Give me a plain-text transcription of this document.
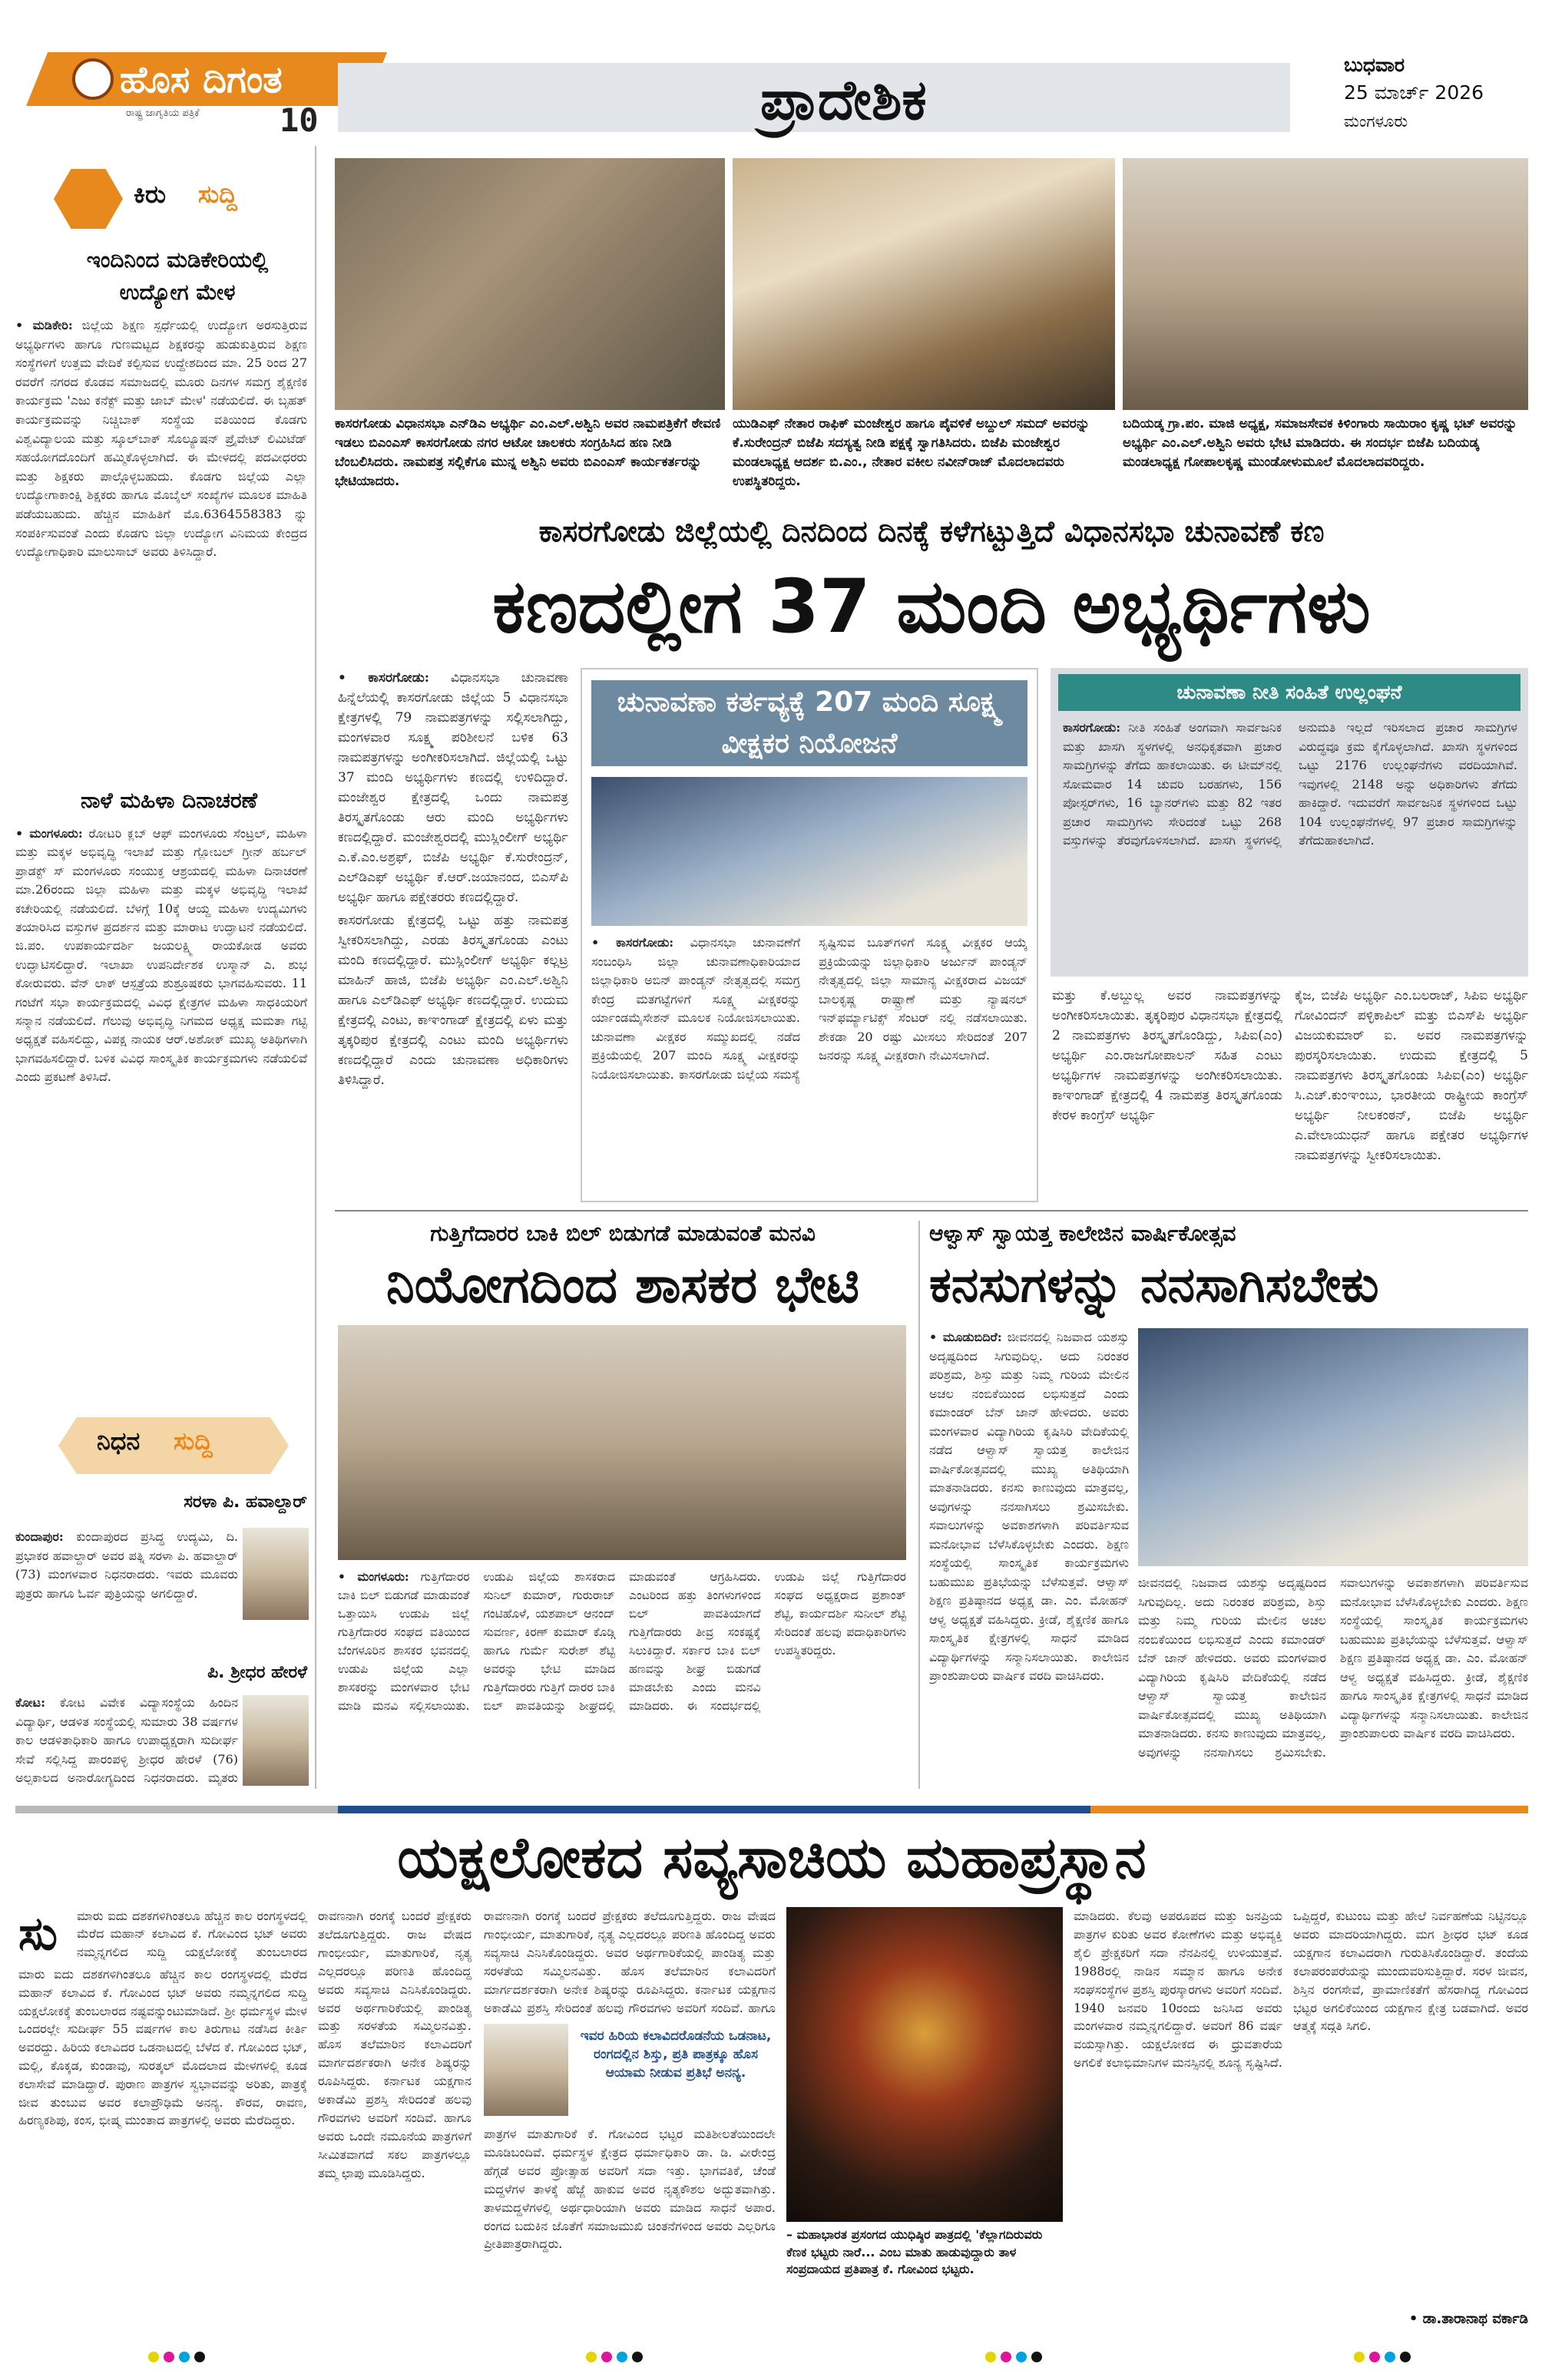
ಹೊಸ ದಿಗಂತ
ರಾಷ್ಟ್ರ ಜಾಗೃತಿಯ ಪತ್ರಿಕೆ	10	ಪ್ರಾದೇಶಿಕ
ಬುಧವಾರ
25 ಮಾರ್ಚ್ 2026
ಮಂಗಳೂರು
ಕಿರು	ಸುದ್ದಿ
ಇಂದಿನಿಂದ ಮಡಿಕೇರಿಯಲ್ಲಿ ಉದ್ಯೋಗ ಮೇಳ
• ಮಡಿಕೇರಿ: ಜಿಲ್ಲೆಯ ಶಿಕ್ಷಣ ಸ್ಪರ್ಧೆಯಲ್ಲಿ ಉದ್ಯೋಗ ಅರಸುತ್ತಿರುವ ಅಭ್ಯರ್ಥಿಗಳು ಹಾಗೂ ಗುಣಮಟ್ಟದ ಶಿಕ್ಷಕರನ್ನು ಹುಡುಕುತ್ತಿರುವ ಶಿಕ್ಷಣ ಸಂಸ್ಥೆಗಳಿಗೆ ಉತ್ತಮ ವೇದಿಕೆ ಕಲ್ಪಿಸುವ ಉದ್ದೇಶದಿಂದ ಮಾ. 25 ರಿಂದ 27 ರವರೆಗೆ ನಗರದ ಕೊಡವ ಸಮಾಜದಲ್ಲಿ ಮೂರು ದಿನಗಳ ಸಮಗ್ರ ಶೈಕ್ಷಣಿಕ ಕಾರ್ಯಕ್ರಮ 'ಎಜು ಕನೆಕ್ಟ್ ಮತ್ತು ಜಾಬ್ ಮೇಳ' ನಡೆಯಲಿದೆ. ಈ ಬೃಹತ್ ಕಾರ್ಯಕ್ರಮವನ್ನು ನಿಚ್ಚಿಬಾಕ್ ಸಂಸ್ಥೆಯ ವತಿಯಿಂದ ಕೊಡಗು ವಿಶ್ವವಿದ್ಯಾಲಯ ಮತ್ತು ಸ್ಕೂಲ್‌ಬಾಕ್ ಸೊಲ್ಯೂಷನ್ ಪ್ರೈವೇಟ್ ಲಿಮಿಟೆಡ್ ಸಹಯೋಗದೊಂದಿಗೆ ಹಮ್ಮಿಕೊಳ್ಳಲಾಗಿದೆ. ಈ ಮೇಳದಲ್ಲಿ ಪದವೀಧರರು ಮತ್ತು ಶಿಕ್ಷಕರು ಪಾಲ್ಗೊಳ್ಳಬಹುದು. ಕೊಡಗು ಜಿಲ್ಲೆಯ ಎಲ್ಲಾ ಉದ್ಯೋಗಾಕಾಂಕ್ಷಿ ಶಿಕ್ಷಕರು ಹಾಗೂ ಮೊಬೈಲ್ ಸಂಖ್ಯೆಗಳ ಮೂಲಕ ಮಾಹಿತಿ ಪಡೆಯಬಹುದು. ಹೆಚ್ಚಿನ ಮಾಹಿತಿಗೆ ಮೊ.6364558383 ನ್ನು ಸಂಪರ್ಕಿಸುವಂತೆ ಎಂದು ಕೊಡಗು ಜಿಲ್ಲಾ ಉದ್ಯೋಗ ವಿನಿಮಯ ಕೇಂದ್ರದ ಉದ್ಯೋಗಾಧಿಕಾರಿ ಮಾಲುಸಾಬ್ ಅವರು ತಿಳಿಸಿದ್ದಾರೆ.
ನಾಳೆ ಮಹಿಳಾ ದಿನಾಚರಣೆ
• ಮಂಗಳೂರು: ರೋಟರಿ ಕ್ಲಬ್ ಆಫ್ ಮಂಗಳೂರು ಸೆಂಟ್ರಲ್, ಮಹಿಳಾ ಮತ್ತು ಮಕ್ಕಳ ಅಭಿವೃದ್ಧಿ ಇಲಾಖೆ ಮತ್ತು ಗ್ಲೋಬಲ್ ಗ್ರೀನ್ ಹರ್ಬಲ್ ಪ್ರಾಡಕ್ಟ್ ಸ್ ಮಂಗಳೂರು ಸಂಯುಕ್ತ ಆಶ್ರಯದಲ್ಲಿ ಮಹಿಳಾ ದಿನಾಚರಣೆ ಮಾ.26ರಂದು ಜಿಲ್ಲಾ ಮಹಿಳಾ ಮತ್ತು ಮಕ್ಕಳ ಅಭಿವೃದ್ಧಿ ಇಲಾಖೆ ಕಚೇರಿಯಲ್ಲಿ ನಡೆಯಲಿದೆ. ಬೆಳಗ್ಗೆ 10ಕ್ಕೆ ಆಯ್ದ ಮಹಿಳಾ ಉದ್ಯಮಿಗಳು ತಯಾರಿಸಿದ ವಸ್ತುಗಳ ಪ್ರದರ್ಶನ ಮತ್ತು ಮಾರಾಟ ಉದ್ಘಾಟನೆ ನಡೆಯಲಿದೆ. ಜಿ.ಪಂ. ಉಪಕಾರ್ಯದರ್ಶಿ ಜಯಲಕ್ಷ್ಮಿ ರಾಯಕೋಡ ಅವರು ಉದ್ಘಾಟಿಸಲಿದ್ದಾರೆ. ಇಲಾಖಾ ಉಪನಿರ್ದೇಶಕ ಉಸ್ಮಾನ್ ಎ. ಶುಭ ಕೋರುವರು. ವೆನ್ ಲಾಕ್ ಆಸ್ಪತ್ರೆಯ ಶುಶ್ರೂಷಕರು ಭಾಗವಹಿಸುವರು. 11 ಗಂಟೆಗೆ ಸಭಾ ಕಾರ್ಯಕ್ರಮದಲ್ಲಿ ವಿವಿಧ ಕ್ಷೇತ್ರಗಳ ಮಹಿಳಾ ಸಾಧಕಿಯರಿಗೆ ಸನ್ಮಾನ ನಡೆಯಲಿದೆ. ಗೆಲುವು ಅಭಿವೃದ್ಧಿ ನಿಗಮದ ಅಧ್ಯಕ್ಷ ಮಮತಾ ಗಟ್ಟಿ ಅಧ್ಯಕ್ಷತೆ ವಹಿಸಲಿದ್ದು, ವಿಪಕ್ಷ ನಾಯಕ ಆರ್.ಅಶೋಕ್ ಮುಖ್ಯ ಅತಿಥಿಗಳಾಗಿ ಭಾಗವಹಿಸಲಿದ್ದಾರೆ. ಬಳಿಕ ವಿವಿಧ ಸಾಂಸ್ಕೃತಿಕ ಕಾರ್ಯಕ್ರಮಗಳು ನಡೆಯಲಿವೆ ಎಂದು ಪ್ರಕಟಣೆ ತಿಳಿಸಿದೆ.
ನಿಧನ	ಸುದ್ದಿ
ಸರಳಾ ಪಿ. ಹವಾಲ್ದಾರ್
ಕುಂದಾಪುರ: ಕುಂದಾಪುರದ ಪ್ರಸಿದ್ಧ ಉದ್ಯಮಿ, ದಿ. ಪ್ರಭಾಕರ ಹವಾಲ್ದಾರ್ ಅವರ ಪತ್ನಿ ಸರಳಾ ಪಿ. ಹವಾಲ್ದಾರ್ (73) ಮಂಗಳವಾರ ನಿಧನರಾದರು. ಇವರು ಮೂವರು ಪುತ್ರರು ಹಾಗೂ ಓರ್ವ ಪುತ್ರಿಯನ್ನು ಅಗಲಿದ್ದಾರೆ.
ಪಿ. ಶ್ರೀಧರ ಹೇರಳೆ
ಕೋಟ: ಕೋಟ ವಿವೇಕ ವಿದ್ಯಾಸಂಸ್ಥೆಯ ಹಿಂದಿನ ವಿದ್ಯಾರ್ಥಿ, ಆಡಳಿತ ಸಂಸ್ಥೆಯಲ್ಲಿ ಸುಮಾರು 38 ವರ್ಷಗಳ ಕಾಲ ಆಡಳಿತಾಧಿಕಾರಿ ಹಾಗೂ ಉಪಾಧ್ಯಕ್ಷರಾಗಿ ಸುದೀರ್ಘ ಸೇವೆ ಸಲ್ಲಿಸಿದ್ದ ಪಾರಂಪಳ್ಳಿ ಶ್ರೀಧರ ಹೇರಳೆ (76) ಅಲ್ಪಕಾಲದ ಅನಾರೋಗ್ಯದಿಂದ ನಿಧನರಾದರು. ಮೃತರು
ಕಾಸರಗೋಡು ವಿಧಾನಸಭಾ ಎನ್‌ಡಿಎ ಅಭ್ಯರ್ಥಿ ಎಂ.ಎಲ್.ಅಶ್ವಿನಿ ಅವರ ನಾಮಪತ್ರಿಕೆಗೆ ಠೇವಣಿ ಇಡಲು ಬಿಎಂಎಸ್ ಕಾಸರಗೋಡು ನಗರ ಆಟೋ ಚಾಲಕರು ಸಂಗ್ರಹಿಸಿದ ಹಣ ನೀಡಿ ಬೆಂಬಲಿಸಿದರು. ನಾಮಪತ್ರ ಸಲ್ಲಿಕೆಗೂ ಮುನ್ನ ಅಶ್ವಿನಿ ಅವರು ಬಿಎಂಎಸ್ ಕಾರ್ಯಕರ್ತರನ್ನು ಭೇಟಿಯಾದರು.
ಯುಡಿಎಫ್ ನೇತಾರ ರಾಫಿಕ್ ಮಂಜೇಶ್ವರ ಹಾಗೂ ಪೈವಳಿಕೆ ಅಬ್ದುಲ್ ಸಮದ್ ಅವರನ್ನು ಕೆ.ಸುರೇಂದ್ರನ್ ಬಿಜೆಪಿ ಸದಸ್ಯತ್ವ ನೀಡಿ ಪಕ್ಷಕ್ಕೆ ಸ್ವಾಗತಿಸಿದರು. ಬಿಜೆಪಿ ಮಂಜೇಶ್ವರ ಮಂಡಲಾಧ್ಯಕ್ಷ ಆದರ್ಶ ಬಿ.ಎಂ., ನೇತಾರ ವಕೀಲ ನವೀನ್‌ರಾಜ್ ಮೊದಲಾದವರು ಉಪಸ್ಥಿತರಿದ್ದರು.
ಬದಿಯಡ್ಕ ಗ್ರಾ.ಪಂ. ಮಾಜಿ ಅಧ್ಯಕ್ಷ, ಸಮಾಜಸೇವಕ ಕಿಳಿಂಗಾರು ಸಾಯಿರಾಂ ಕೃಷ್ಣ ಭಟ್ ಅವರನ್ನು ಅಭ್ಯರ್ಥಿ ಎಂ.ಎಲ್.ಅಶ್ವಿನಿ ಅವರು ಭೇಟಿ ಮಾಡಿದರು. ಈ ಸಂದರ್ಭ ಬಿಜೆಪಿ ಬದಿಯಡ್ಕ ಮಂಡಲಾಧ್ಯಕ್ಷ ಗೋಪಾಲಕೃಷ್ಣ ಮುಂಡೋಳುಮೂಲೆ ಮೊದಲಾದವರಿದ್ದರು.
ಕಾಸರಗೋಡು ಜಿಲ್ಲೆಯಲ್ಲಿ ದಿನದಿಂದ ದಿನಕ್ಕೆ ಕಳೆಗಟ್ಟುತ್ತಿದೆ ವಿಧಾನಸಭಾ ಚುನಾವಣೆ ಕಣ
ಕಣದಲ್ಲೀಗ 37 ಮಂದಿ ಅಭ್ಯರ್ಥಿಗಳು
• ಕಾಸರಗೋಡು: ವಿಧಾನಸಭಾ ಚುನಾವಣಾ ಹಿನ್ನೆಲೆಯಲ್ಲಿ ಕಾಸರಗೋಡು ಜಿಲ್ಲೆಯ 5 ವಿಧಾನಸಭಾ ಕ್ಷೇತ್ರಗಳಲ್ಲಿ 79 ನಾಮಪತ್ರಗಳನ್ನು ಸಲ್ಲಿಸಲಾಗಿದ್ದು, ಮಂಗಳವಾರ ಸೂಕ್ಷ್ಮ ಪರಿಶೀಲನೆ ಬಳಿಕ 63 ನಾಮಪತ್ರಗಳನ್ನು ಅಂಗೀಕರಿಸಲಾಗಿದೆ. ಜಿಲ್ಲೆಯಲ್ಲಿ ಒಟ್ಟು 37 ಮಂದಿ ಅಭ್ಯರ್ಥಿಗಳು ಕಣದಲ್ಲಿ ಉಳಿದಿದ್ದಾರೆ. ಮಂಜೇಶ್ವರ ಕ್ಷೇತ್ರದಲ್ಲಿ ಒಂದು ನಾಮಪತ್ರ ತಿರಸ್ಕೃತಗೊಂಡು ಆರು ಮಂದಿ ಅಭ್ಯರ್ಥಿಗಳು ಕಣದಲ್ಲಿದ್ದಾರೆ. ಮಂಜೇಶ್ವರದಲ್ಲಿ ಮುಸ್ಲಿಂಲೀಗ್ ಅಭ್ಯರ್ಥಿ ಎ.ಕೆ.ಎಂ.ಅಶ್ರಫ್, ಬಿಜೆಪಿ ಅಭ್ಯರ್ಥಿ ಕೆ.ಸುರೇಂದ್ರನ್, ಎಲ್‌ಡಿಎಫ್ ಅಭ್ಯರ್ಥಿ ಕೆ.ಆರ್.ಜಯಾನಂದ, ಬಿಎಸ್‌ಪಿ ಅಭ್ಯರ್ಥಿ ಹಾಗೂ ಪಕ್ಷೇತರರು ಕಣದಲ್ಲಿದ್ದಾರೆ.
ಕಾಸರಗೋಡು ಕ್ಷೇತ್ರದಲ್ಲಿ ಒಟ್ಟು ಹತ್ತು ನಾಮಪತ್ರ ಸ್ವೀಕರಿಸಲಾಗಿದ್ದು, ಎರಡು ತಿರಸ್ಕೃತಗೊಂಡು ಎಂಟು ಮಂದಿ ಕಣದಲ್ಲಿದ್ದಾರೆ. ಮುಸ್ಲಿಂಲೀಗ್ ಅಭ್ಯರ್ಥಿ ಕಲ್ಲಟ್ರ ಮಾಹಿನ್ ಹಾಜಿ, ಬಿಜೆಪಿ ಅಭ್ಯರ್ಥಿ ಎಂ.ಎಲ್.ಅಶ್ವಿನಿ ಹಾಗೂ ಎಲ್‌ಡಿಎಫ್ ಅಭ್ಯರ್ಥಿ ಕಣದಲ್ಲಿದ್ದಾರೆ. ಉದುಮ ಕ್ಷೇತ್ರದಲ್ಲಿ ಎಂಟು, ಕಾಞಂಗಾಡ್ ಕ್ಷೇತ್ರದಲ್ಲಿ ಏಳು ಮತ್ತು ತೃಕ್ಕರಿಪುರ ಕ್ಷೇತ್ರದಲ್ಲಿ ಎಂಟು ಮಂದಿ ಅಭ್ಯರ್ಥಿಗಳು ಕಣದಲ್ಲಿದ್ದಾರೆ ಎಂದು ಚುನಾವಣಾ ಅಧಿಕಾರಿಗಳು ತಿಳಿಸಿದ್ದಾರೆ.
ಚುನಾವಣಾ ಕರ್ತವ್ಯಕ್ಕೆ 207 ಮಂದಿ ಸೂಕ್ಷ್ಮ ವೀಕ್ಷಕರ ನಿಯೋಜನೆ
• ಕಾಸರಗೋಡು: ವಿಧಾನಸಭಾ ಚುನಾವಣೆಗೆ ಸಂಬಂಧಿಸಿ ಜಿಲ್ಲಾ ಚುನಾವಣಾಧಿಕಾರಿಯಾದ ಜಿಲ್ಲಾಧಿಕಾರಿ ಅಬಿನ್ ಪಾಂಡ್ಯನ್ ನೇತೃತ್ವದಲ್ಲಿ ಸಮಗ್ರ ಕೇಂದ್ರ ಮತಗಟ್ಟೆಗಳಿಗೆ ಸೂಕ್ಷ್ಮ ವೀಕ್ಷಕರನ್ನು ರ್ಯಾಂಡಮೈಸೇಶನ್ ಮೂಲಕ ನಿಯೋಜಿಸಲಾಯಿತು. ಚುನಾವಣಾ ವೀಕ್ಷಕರ ಸಮ್ಮುಖದಲ್ಲಿ ನಡೆದ ಪ್ರಕ್ರಿಯೆಯಲ್ಲಿ 207 ಮಂದಿ ಸೂಕ್ಷ್ಮ ವೀಕ್ಷಕರನ್ನು ನಿಯೋಜಿಸಲಾಯಿತು. ಕಾಸರಗೋಡು ಜಿಲ್ಲೆಯ ಸಮಸ್ಯೆ ಸೃಷ್ಟಿಸುವ ಬೂತ್‌ಗಳಿಗೆ ಸೂಕ್ಷ್ಮ ವೀಕ್ಷಕರ ಆಯ್ಕೆ ಪ್ರಕ್ರಿಯೆಯನ್ನು ಜಿಲ್ಲಾಧಿಕಾರಿ ಅರ್ಜುನ್ ಪಾಂಡ್ಯನ್ ನೇತೃತ್ವದಲ್ಲಿ ಜಿಲ್ಲಾ ಸಾಮಾನ್ಯ ವೀಕ್ಷಕರಾದ ವಿಜಯ್ ಬಾಲಕೃಷ್ಣ ರಾಷ್ಟ್ರಾಣೆ ಮತ್ತು ನ್ಯಾಷನಲ್ ಇನ್‌ಫರ್ಮ್ಯಾಟಿಕ್ಸ್ ಸೆಂಟರ್ ನಲ್ಲಿ ನಡೆಸಲಾಯಿತು. ಶೇಕಡಾ 20 ರಷ್ಟು ಮೀಸಲು ಸೇರಿದಂತೆ 207 ಜನರನ್ನು ಸೂಕ್ಷ್ಮ ವೀಕ್ಷಕರಾಗಿ ನೇಮಿಸಲಾಗಿದೆ.
ಚುನಾವಣಾ ನೀತಿ ಸಂಹಿತೆ ಉಲ್ಲಂಘನೆ
ಕಾಸರಗೋಡು: ನೀತಿ ಸಂಹಿತೆ ಅಂಗವಾಗಿ ಸಾರ್ವಜನಿಕ ಮತ್ತು ಖಾಸಗಿ ಸ್ಥಳಗಳಲ್ಲಿ ಅನಧಿಕೃತವಾಗಿ ಪ್ರಚಾರ ಸಾಮಗ್ರಿಗಳನ್ನು ತೆಗೆದು ಹಾಕಲಾಯಿತು. ಈ ಟೀಮ್‌ನಲ್ಲಿ ಸೋಮವಾರ 14 ಚುವರಿ ಬರಹಗಳು, 156 ಪೋಸ್ಟರ್‌ಗಳು, 16 ಬ್ಯಾನರ್‌ಗಳು ಮತ್ತು 82 ಇತರ ಪ್ರಚಾರ ಸಾಮಗ್ರಿಗಳು ಸೇರಿದಂತೆ ಒಟ್ಟು 268 ವಸ್ತುಗಳನ್ನು ತೆರವುಗೊಳಿಸಲಾಗಿದೆ. ಖಾಸಗಿ ಸ್ಥಳಗಳಲ್ಲಿ ಅನುಮತಿ ಇಲ್ಲದೆ ಇರಿಸಲಾದ ಪ್ರಚಾರ ಸಾಮಗ್ರಿಗಳ ವಿರುದ್ಧವೂ ಕ್ರಮ ಕೈಗೊಳ್ಳಲಾಗಿದೆ. ಖಾಸಗಿ ಸ್ಥಳಗಳಿಂದ ಒಟ್ಟು 2176 ಉಲ್ಲಂಘನೆಗಳು ವರದಿಯಾಗಿವೆ. ಇವುಗಳಲ್ಲಿ 2148 ಅನ್ನು ಅಧಿಕಾರಿಗಳು ತೆಗೆದು ಹಾಕಿದ್ದಾರೆ. ಇದುವರೆಗೆ ಸಾರ್ವಜನಿಕ ಸ್ಥಳಗಳಿಂದ ಒಟ್ಟು 104 ಉಲ್ಲಂಘನೆಗಳಲ್ಲಿ 97 ಪ್ರಚಾರ ಸಾಮಗ್ರಿಗಳನ್ನು ತೆಗೆದುಹಾಕಲಾಗಿದೆ.
ಮತ್ತು ಕೆ.ಅಬ್ದುಲ್ಲ ಅವರ ನಾಮಪತ್ರಗಳನ್ನು ಅಂಗೀಕರಿಸಲಾಯಿತು. ತೃಕ್ಕರಿಪುರ ವಿಧಾನಸಭಾ ಕ್ಷೇತ್ರದಲ್ಲಿ 2 ನಾಮಪತ್ರಗಳು ತಿರಸ್ಕೃತಗೊಂಡಿದ್ದು, ಸಿಪಿಐ(ಎಂ) ಅಭ್ಯರ್ಥಿ ಎಂ.ರಾಜಗೋಪಾಲನ್ ಸಹಿತ ಎಂಟು ಅಭ್ಯರ್ಥಿಗಳ ನಾಮಪತ್ರಗಳನ್ನು ಅಂಗೀಕರಿಸಲಾಯಿತು. ಕಾಞಂಗಾಡ್ ಕ್ಷೇತ್ರದಲ್ಲಿ 4 ನಾಮಪತ್ರ ತಿರಸ್ಕೃತಗೊಂಡು ಕೇರಳ ಕಾಂಗ್ರೆಸ್ ಅಭ್ಯರ್ಥಿ
ಕೈಜ, ಬಿಜೆಪಿ ಅಭ್ಯರ್ಥಿ ಎಂ.ಬಲರಾಜ್, ಸಿಪಿಐ ಅಭ್ಯರ್ಥಿ ಗೋವಿಂದನ್ ಪಳ್ಳಿಕಾಪಿಲ್ ಮತ್ತು ಬಿಎಸ್‌ಪಿ ಅಭ್ಯರ್ಥಿ ವಿಜಯಕುಮಾರ್ ಐ. ಅವರ ನಾಮಪತ್ರಗಳನ್ನು ಪುರಸ್ಕರಿಸಲಾಯಿತು. ಉದುಮ ಕ್ಷೇತ್ರದಲ್ಲಿ 5 ನಾಮಪತ್ರಗಳು ತಿರಸ್ಕೃತಗೊಂಡು ಸಿಪಿಐ(ಎಂ) ಅಭ್ಯರ್ಥಿ ಸಿ.ಎಚ್.ಕುಂಞಂಬು, ಭಾರತೀಯ ರಾಷ್ಟ್ರೀಯ ಕಾಂಗ್ರೆಸ್ ಅಭ್ಯರ್ಥಿ ನೀಲಕಂಠನ್, ಬಿಜೆಪಿ ಅಭ್ಯರ್ಥಿ ಎ.ವೇಲಾಯುಧನ್ ಹಾಗೂ ಪಕ್ಷೇತರ ಅಭ್ಯರ್ಥಿಗಳ ನಾಮಪತ್ರಗಳನ್ನು ಸ್ವೀಕರಿಸಲಾಯಿತು.
ಗುತ್ತಿಗೆದಾರರ ಬಾಕಿ ಬಿಲ್ ಬಿಡುಗಡೆ ಮಾಡುವಂತೆ ಮನವಿ
ನಿಯೋಗದಿಂದ ಶಾಸಕರ ಭೇಟಿ
• ಮಂಗಳೂರು: ಗುತ್ತಿಗೆದಾರರ ಬಾಕಿ ಬಿಲ್ ಬಿಡುಗಡೆ ಮಾಡುವಂತೆ ಒತ್ತಾಯಿಸಿ ಉಡುಪಿ ಜಿಲ್ಲೆ ಗುತ್ತಿಗೆದಾರರ ಸಂಘದ ವತಿಯಿಂದ ಬೆಂಗಳೂರಿನ ಶಾಸಕರ ಭವನದಲ್ಲಿ ಉಡುಪಿ ಜಿಲ್ಲೆಯ ಎಲ್ಲಾ ಶಾಸಕರನ್ನು ಮಂಗಳವಾರ ಭೇಟಿ ಮಾಡಿ ಮನವಿ ಸಲ್ಲಿಸಲಾಯಿತು. ಉಡುಪಿ ಜಿಲ್ಲೆಯ ಶಾಸಕರಾದ ಸುನಿಲ್ ಕುಮಾರ್, ಗುರುರಾಜ್ ಗಂಟಿಹೊಳೆ, ಯಶಪಾಲ್ ಆನಂದ್ ಸುವರ್ಣ, ಕಿರಣ್ ಕುಮಾರ್ ಕೊಡ್ಗಿ ಹಾಗೂ ಗುರ್ಮೆ ಸುರೇಶ್ ಶೆಟ್ಟಿ ಅವರನ್ನು ಭೇಟಿ ಮಾಡಿದ ಗುತ್ತಿಗೆದಾರರು ಗುತ್ತಿಗೆ ದಾರರ ಬಾಕಿ ಬಿಲ್ ಪಾವತಿಯನ್ನು ಶೀಘ್ರದಲ್ಲಿ ಮಾಡುವಂತೆ ಆಗ್ರಹಿಸಿದರು. ಎಂಟರಿಂದ ಹತ್ತು ತಿಂಗಳುಗಳಿಂದ ಬಿಲ್ ಪಾವತಿಯಾಗದೆ ಗುತ್ತಿಗೆದಾರರು ತೀವ್ರ ಸಂಕಷ್ಟಕ್ಕೆ ಸಿಲುಕಿದ್ದಾರೆ. ಸರ್ಕಾರ ಬಾಕಿ ಬಿಲ್ ಹಣವನ್ನು ಶೀಘ್ರ ಬಿಡುಗಡೆ ಮಾಡಬೇಕು ಎಂದು ಮನವಿ ಮಾಡಿದರು. ಈ ಸಂದರ್ಭದಲ್ಲಿ ಉಡುಪಿ ಜಿಲ್ಲೆ ಗುತ್ತಿಗೆದಾರರ ಸಂಘದ ಅಧ್ಯಕ್ಷರಾದ ಪ್ರಶಾಂತ್ ಶೆಟ್ಟಿ, ಕಾರ್ಯದರ್ಶಿ ಸುನೀಲ್ ಶೆಟ್ಟಿ ಸೇರಿದಂತೆ ಹಲವು ಪದಾಧಿಕಾರಿಗಳು ಉಪಸ್ಥಿತರಿದ್ದರು.
ಆಳ್ವಾಸ್ ಸ್ವಾಯತ್ತ ಕಾಲೇಜಿನ ವಾರ್ಷಿಕೋತ್ಸವ
ಕನಸುಗಳನ್ನು ನನಸಾಗಿಸಬೇಕು
• ಮೂಡುಬಿದಿರೆ: ಜೀವನದಲ್ಲಿ ನಿಜವಾದ ಯಶಸ್ಸು ಅದೃಷ್ಟದಿಂದ ಸಿಗುವುದಿಲ್ಲ. ಅದು ನಿರಂತರ ಪರಿಶ್ರಮ, ಶಿಸ್ತು ಮತ್ತು ನಿಮ್ಮ ಗುರಿಯ ಮೇಲಿನ ಅಚಲ ನಂಬಿಕೆಯಿಂದ ಲಭಿಸುತ್ತದೆ ಎಂದು ಕಮಾಂಡರ್ ಬೆನ್ ಜಾನ್ ಹೇಳಿದರು. ಅವರು ಮಂಗಳವಾರ ವಿದ್ಯಾಗಿರಿಯ ಕೃಷಿಸಿರಿ ವೇದಿಕೆಯಲ್ಲಿ ನಡೆದ ಆಳ್ವಾಸ್ ಸ್ವಾಯತ್ತ ಕಾಲೇಜಿನ ವಾರ್ಷಿಕೋತ್ಸವದಲ್ಲಿ ಮುಖ್ಯ ಅತಿಥಿಯಾಗಿ ಮಾತನಾಡಿದರು. ಕನಸು ಕಾಣುವುದು ಮಾತ್ರವಲ್ಲ, ಅವುಗಳನ್ನು ನನಸಾಗಿಸಲು ಶ್ರಮಿಸಬೇಕು. ಸವಾಲುಗಳನ್ನು ಅವಕಾಶಗಳಾಗಿ ಪರಿವರ್ತಿಸುವ ಮನೋಭಾವ ಬೆಳೆಸಿಕೊಳ್ಳಬೇಕು ಎಂದರು. ಶಿಕ್ಷಣ ಸಂಸ್ಥೆಯಲ್ಲಿ ಸಾಂಸ್ಕೃತಿಕ ಕಾರ್ಯಕ್ರಮಗಳು ಬಹುಮುಖ ಪ್ರತಿಭೆಯನ್ನು ಬೆಳೆಸುತ್ತವೆ. ಆಳ್ವಾಸ್ ಶಿಕ್ಷಣ ಪ್ರತಿಷ್ಠಾನದ ಅಧ್ಯಕ್ಷ ಡಾ. ಎಂ. ಮೋಹನ್ ಆಳ್ವ ಅಧ್ಯಕ್ಷತೆ ವಹಿಸಿದ್ದರು. ಕ್ರೀಡೆ, ಶೈಕ್ಷಣಿಕ ಹಾಗೂ ಸಾಂಸ್ಕೃತಿಕ ಕ್ಷೇತ್ರಗಳಲ್ಲಿ ಸಾಧನೆ ಮಾಡಿದ ವಿದ್ಯಾರ್ಥಿಗಳನ್ನು ಸನ್ಮಾನಿಸಲಾಯಿತು. ಕಾಲೇಜಿನ ಪ್ರಾಂಶುಪಾಲರು ವಾರ್ಷಿಕ ವರದಿ ವಾಚಿಸಿದರು.
ಜೀವನದಲ್ಲಿ ನಿಜವಾದ ಯಶಸ್ಸು ಅದೃಷ್ಟದಿಂದ ಸಿಗುವುದಿಲ್ಲ. ಅದು ನಿರಂತರ ಪರಿಶ್ರಮ, ಶಿಸ್ತು ಮತ್ತು ನಿಮ್ಮ ಗುರಿಯ ಮೇಲಿನ ಅಚಲ ನಂಬಿಕೆಯಿಂದ ಲಭಿಸುತ್ತದೆ ಎಂದು ಕಮಾಂಡರ್ ಬೆನ್ ಜಾನ್ ಹೇಳಿದರು. ಅವರು ಮಂಗಳವಾರ ವಿದ್ಯಾಗಿರಿಯ ಕೃಷಿಸಿರಿ ವೇದಿಕೆಯಲ್ಲಿ ನಡೆದ ಆಳ್ವಾಸ್ ಸ್ವಾಯತ್ತ ಕಾಲೇಜಿನ ವಾರ್ಷಿಕೋತ್ಸವದಲ್ಲಿ ಮುಖ್ಯ ಅತಿಥಿಯಾಗಿ ಮಾತನಾಡಿದರು. ಕನಸು ಕಾಣುವುದು ಮಾತ್ರವಲ್ಲ, ಅವುಗಳನ್ನು ನನಸಾಗಿಸಲು ಶ್ರಮಿಸಬೇಕು. ಸವಾಲುಗಳನ್ನು ಅವಕಾಶಗಳಾಗಿ ಪರಿವರ್ತಿಸುವ ಮನೋಭಾವ ಬೆಳೆಸಿಕೊಳ್ಳಬೇಕು ಎಂದರು. ಶಿಕ್ಷಣ ಸಂಸ್ಥೆಯಲ್ಲಿ ಸಾಂಸ್ಕೃತಿಕ ಕಾರ್ಯಕ್ರಮಗಳು ಬಹುಮುಖ ಪ್ರತಿಭೆಯನ್ನು ಬೆಳೆಸುತ್ತವೆ. ಆಳ್ವಾಸ್ ಶಿಕ್ಷಣ ಪ್ರತಿಷ್ಠಾನದ ಅಧ್ಯಕ್ಷ ಡಾ. ಎಂ. ಮೋಹನ್ ಆಳ್ವ ಅಧ್ಯಕ್ಷತೆ ವಹಿಸಿದ್ದರು. ಕ್ರೀಡೆ, ಶೈಕ್ಷಣಿಕ ಹಾಗೂ ಸಾಂಸ್ಕೃತಿಕ ಕ್ಷೇತ್ರಗಳಲ್ಲಿ ಸಾಧನೆ ಮಾಡಿದ ವಿದ್ಯಾರ್ಥಿಗಳನ್ನು ಸನ್ಮಾನಿಸಲಾಯಿತು. ಕಾಲೇಜಿನ ಪ್ರಾಂಶುಪಾಲರು ವಾರ್ಷಿಕ ವರದಿ ವಾಚಿಸಿದರು.
ಯಕ್ಷಲೋಕದ ಸವ್ಯಸಾಚಿಯ ಮಹಾಪ್ರಸ್ಥಾನ
ಸು	ಮಾರು ಐದು ದಶಕಗಳಿಗಿಂತಲೂ ಹೆಚ್ಚಿನ ಕಾಲ ರಂಗಸ್ಥಳದಲ್ಲಿ ಮೆರೆದ ಮಹಾನ್ ಕಲಾವಿದ ಕೆ. ಗೋವಿಂದ ಭಟ್ ಅವರು ನಮ್ಮನ್ನಗಲಿದ ಸುದ್ದಿ ಯಕ್ಷಲೋಕಕ್ಕೆ ತುಂಬಲಾರದ
ಮಾರು ಐದು ದಶಕಗಳಿಗಿಂತಲೂ ಹೆಚ್ಚಿನ ಕಾಲ ರಂಗಸ್ಥಳದಲ್ಲಿ ಮೆರೆದ ಮಹಾನ್ ಕಲಾವಿದ ಕೆ. ಗೋವಿಂದ ಭಟ್ ಅವರು ನಮ್ಮನ್ನಗಲಿದ ಸುದ್ದಿ ಯಕ್ಷಲೋಕಕ್ಕೆ ತುಂಬಲಾರದ ನಷ್ಟವನ್ನುಂಟುಮಾಡಿದೆ. ಶ್ರೀ ಧರ್ಮಸ್ಥಳ ಮೇಳ ಒಂದರಲ್ಲೇ ಸುದೀರ್ಘ 55 ವರ್ಷಗಳ ಕಾಲ ತಿರುಗಾಟ ನಡೆಸಿದ ಕೀರ್ತಿ ಅವರದ್ದು. ಹಿರಿಯ ಕಲಾವಿದರ ಒಡನಾಟದಲ್ಲಿ ಬೆಳೆದ ಕೆ. ಗೋವಿಂದ ಭಟ್, ಮಲ್ಲಿ, ಕೊಕ್ಕಡ, ಕುಂಡಾವು, ಸುರತ್ಕಲ್ ಮೊದಲಾದ ಮೇಳಗಳಲ್ಲಿ ಕೂಡ ಕಲಾಸೇವೆ ಮಾಡಿದ್ದಾರೆ. ಪುರಾಣ ಪಾತ್ರಗಳ ಸ್ವಭಾವವನ್ನು ಅರಿತು, ಪಾತ್ರಕ್ಕೆ ಜೀವ ತುಂಬುವ ಅವರ ಕಲಾಪ್ರೌಢಿಮೆ ಅನನ್ಯ. ಕೌರವ, ರಾವಣ, ಹಿರಣ್ಯಕಶಿಪು, ಕಂಸ, ಭೀಷ್ಮ ಮುಂತಾದ ಪಾತ್ರಗಳಲ್ಲಿ ಅವರು ಮೆರೆದಿದ್ದರು.
ರಾವಣನಾಗಿ ರಂಗಕ್ಕೆ ಬಂದರೆ ಪ್ರೇಕ್ಷಕರು ತಲೆದೂಗುತ್ತಿದ್ದರು. ರಾಜ ವೇಷದ ಗಾಂಭೀರ್ಯ, ಮಾತುಗಾರಿಕೆ, ನೃತ್ಯ ಎಲ್ಲದರಲ್ಲೂ ಪರಿಣತಿ ಹೊಂದಿದ್ದ ಅವರು ಸವ್ಯಸಾಚಿ ಎನಿಸಿಕೊಂಡಿದ್ದರು. ಅವರ ಅರ್ಥಗಾರಿಕೆಯಲ್ಲಿ ಪಾಂಡಿತ್ಯ ಮತ್ತು ಸರಳತೆಯ ಸಮ್ಮಿಲನವಿತ್ತು. ಹೊಸ ತಲೆಮಾರಿನ ಕಲಾವಿದರಿಗೆ ಮಾರ್ಗದರ್ಶಕರಾಗಿ ಅನೇಕ ಶಿಷ್ಯರನ್ನು ರೂಪಿಸಿದ್ದರು. ಕರ್ನಾಟಕ ಯಕ್ಷಗಾನ ಅಕಾಡೆಮಿ ಪ್ರಶಸ್ತಿ ಸೇರಿದಂತೆ ಹಲವು ಗೌರವಗಳು ಅವರಿಗೆ ಸಂದಿವೆ. ಹಾಗೂ ಅವರು ಒಂದೇ ನಮೂನೆಯ ಪಾತ್ರಗಳಿಗೆ ಸೀಮಿತವಾಗದೆ ಸಕಲ ಪಾತ್ರಗಳಲ್ಲೂ ತಮ್ಮ ಛಾಪು ಮೂಡಿಸಿದ್ದರು.
ರಾವಣನಾಗಿ ರಂಗಕ್ಕೆ ಬಂದರೆ ಪ್ರೇಕ್ಷಕರು ತಲೆದೂಗುತ್ತಿದ್ದರು. ರಾಜ ವೇಷದ ಗಾಂಭೀರ್ಯ, ಮಾತುಗಾರಿಕೆ, ನೃತ್ಯ ಎಲ್ಲದರಲ್ಲೂ ಪರಿಣತಿ ಹೊಂದಿದ್ದ ಅವರು ಸವ್ಯಸಾಚಿ ಎನಿಸಿಕೊಂಡಿದ್ದರು. ಅವರ ಅರ್ಥಗಾರಿಕೆಯಲ್ಲಿ ಪಾಂಡಿತ್ಯ ಮತ್ತು ಸರಳತೆಯ ಸಮ್ಮಿಲನವಿತ್ತು. ಹೊಸ ತಲೆಮಾರಿನ ಕಲಾವಿದರಿಗೆ ಮಾರ್ಗದರ್ಶಕರಾಗಿ ಅನೇಕ ಶಿಷ್ಯರನ್ನು ರೂಪಿಸಿದ್ದರು. ಕರ್ನಾಟಕ ಯಕ್ಷಗಾನ ಅಕಾಡೆಮಿ ಪ್ರಶಸ್ತಿ ಸೇರಿದಂತೆ ಹಲವು ಗೌರವಗಳು ಅವರಿಗೆ ಸಂದಿವೆ. ಹಾಗೂ
ಇವರ ಹಿರಿಯ ಕಲಾವಿದರೊಡನೆಯ ಒಡನಾಟ, ರಂಗದಲ್ಲಿನ ಶಿಸ್ತು, ಪ್ರತಿ ಪಾತ್ರಕ್ಕೂ ಹೊಸ ಆಯಾಮ ನೀಡುವ ಪ್ರತಿಭೆ ಅನನ್ಯ.
ಪಾತ್ರಗಳ ಮಾತುಗಾರಿಕೆ ಕೆ. ಗೋವಿಂದ ಭಟ್ಟರ ಮತಿಶೀಲತೆಯಿಂದಲೇ ಮೂಡಿಬಂದಿವೆ. ಧರ್ಮಸ್ಥಳ ಕ್ಷೇತ್ರದ ಧರ್ಮಾಧಿಕಾರಿ ಡಾ. ಡಿ. ವೀರೇಂದ್ರ ಹೆಗ್ಗಡೆ ಅವರ ಪ್ರೋತ್ಸಾಹ ಅವರಿಗೆ ಸದಾ ಇತ್ತು. ಭಾಗವತಿಕೆ, ಚೆಂಡೆ ಮದ್ದಳೆಗಳ ತಾಳಕ್ಕೆ ಹೆಜ್ಜೆ ಹಾಕುವ ಅವರ ನೃತ್ಯಕೌಶಲ ಅದ್ಭುತವಾಗಿತ್ತು. ತಾಳಮದ್ದಳೆಗಳಲ್ಲಿ ಅರ್ಥಧಾರಿಯಾಗಿ ಅವರು ಮಾಡಿದ ಸಾಧನೆ ಅಪಾರ. ರಂಗದ ಬದುಕಿನ ಜೊತೆಗೆ ಸಮಾಜಮುಖಿ ಚಿಂತನೆಗಳಿಂದ ಅವರು ಎಲ್ಲರಿಗೂ ಪ್ರೀತಿಪಾತ್ರರಾಗಿದ್ದರು.
– ಮಹಾಭಾರತ ಪ್ರಸಂಗದ ಯುಧಿಷ್ಠಿರ ಪಾತ್ರದಲ್ಲಿ 'ಕೆಲ್ಲಾಗದಿರುವರು ಕೆಣಕ ಭಟ್ಟರು ನಾರೆ... ಎಂಬ ಮಾತು ಹಾಡುವುದ್ದಾರು ತಾಳ ಸಂಪ್ರದಾಯದ ಪ್ರತಿಪಾತ್ರ ಕೆ. ಗೋವಿಂದ ಭಟ್ಟರು.
ಮಾಡಿದರು. ಕೆಲವು ಅಪರೂಪದ ಮತ್ತು ಜನಪ್ರಿಯ ಪಾತ್ರಗಳ ಕುರಿತು ಅವರ ಕೋಣೆಗಳು ಮತ್ತು ಅಭಿವ್ಯಕ್ತಿ ಶೈಲಿ ಪ್ರೇಕ್ಷಕರಿಗೆ ಸದಾ ನೆನಪಿನಲ್ಲಿ ಉಳಿಯುತ್ತವೆ. 1988ರಲ್ಲಿ ನಾಡಿನ ಸಮ್ಮಾನ ಹಾಗೂ ಅನೇಕ ಸಂಘಸಂಸ್ಥೆಗಳ ಪ್ರಶಸ್ತಿ ಪುರಸ್ಕಾರಗಳು ಅವರಿಗೆ ಸಂದಿವೆ. 1940 ಜನವರಿ 10ರಂದು ಜನಿಸಿದ ಅವರು ಮಂಗಳವಾರ ನಮ್ಮನ್ನಗಲಿದ್ದಾರೆ. ಅವರಿಗೆ 86 ವರ್ಷ ವಯಸ್ಸಾಗಿತ್ತು. ಯಕ್ಷಲೋಕದ ಈ ಧ್ರುವತಾರೆಯ ಅಗಲಿಕೆ ಕಲಾಭಿಮಾನಿಗಳ ಮನಸ್ಸಿನಲ್ಲಿ ಶೂನ್ಯ ಸೃಷ್ಟಿಸಿದೆ.
ಒಪ್ಪಿದ್ದರೆ, ಕುಟುಂಬ ಮತ್ತು ಹೇಲೆ ನಿರ್ವಹಣೆಯ ನಿಟ್ಟಿನಲ್ಲೂ ಅವರು ಮಾದರಿಯಾಗಿದ್ದರು. ಮಗ ಶ್ರೀಧರ ಭಟ್ ಕೂಡ ಯಕ್ಷಗಾನ ಕಲಾವಿದರಾಗಿ ಗುರುತಿಸಿಕೊಂಡಿದ್ದಾರೆ. ತಂದೆಯ ಕಲಾಪರಂಪರೆಯನ್ನು ಮುಂದುವರಿಸುತ್ತಿದ್ದಾರೆ. ಸರಳ ಜೀವನ, ಶಿಸ್ತಿನ ರಂಗಸೇವೆ, ಪ್ರಾಮಾಣಿಕತೆಗೆ ಹೆಸರಾಗಿದ್ದ ಗೋವಿಂದ ಭಟ್ಟರ ಅಗಲಿಕೆಯಿಂದ ಯಕ್ಷಗಾನ ಕ್ಷೇತ್ರ ಬಡವಾಗಿದೆ. ಅವರ ಆತ್ಮಕ್ಕೆ ಸದ್ಗತಿ ಸಿಗಲಿ.
• ಡಾ.ತಾರಾನಾಥ ವರ್ಕಾಡಿ
